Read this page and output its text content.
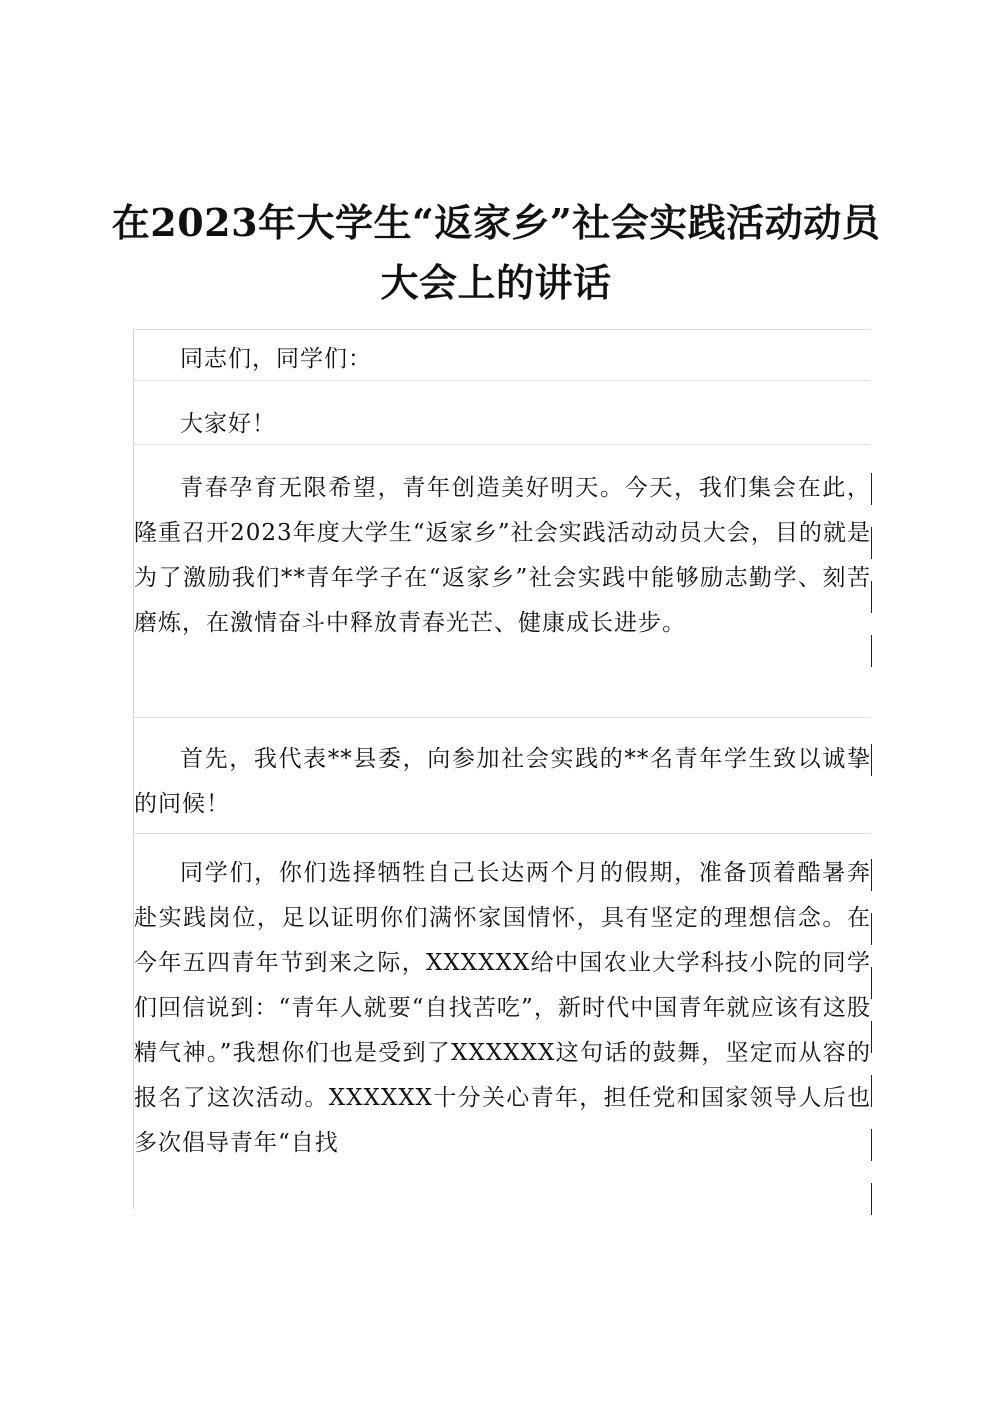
在2023年大学生“返家乡”社会实践活动动员大会上的讲话

同志们，同学们：

大家好！

青春孕育无限希望，青年创造美好明天。今天，我们集会在此，隆重召开2023年度大学生“返家乡”社会实践活动动员大会，目的就是为了激励我们**青年学子在“返家乡”社会实践中能够励志勤学、刻苦磨炼，在激情奋斗中释放青春光芒、健康成长进步。

首先，我代表**县委，向参加社会实践的**名青年学生致以诚挚的问候！

同学们，你们选择牺牲自己长达两个月的假期，准备顶着酷暑奔赴实践岗位，足以证明你们满怀家国情怀，具有坚定的理想信念。在今年五四青年节到来之际，XXXXXX给中国农业大学科技小院的同学们回信说到：“青年人就要“自找苦吃”，新时代中国青年就应该有这股精气神。”我想你们也是受到了XXXXXX这句话的鼓舞，坚定而从容的报名了这次活动。XXXXXX十分关心青年，担任党和国家领导人后也多次倡导青年“自找
